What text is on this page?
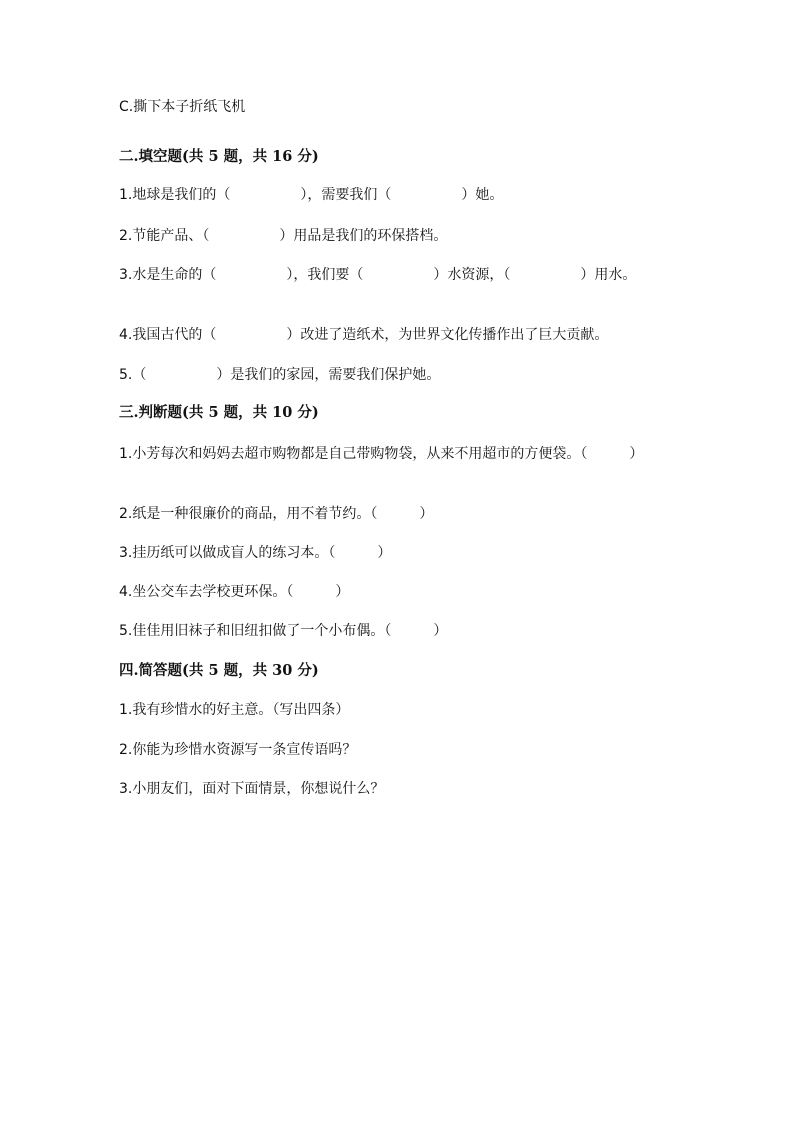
C.撕下本子折纸飞机
二.填空题(共 5 题，共 16 分)
1.地球是我们的（　　　　　），需要我们（　　　　　）她。
2.节能产品、（　　　　　）用品是我们的环保搭档。
3.水是生命的（　　　　　），我们要（　　　　　）水资源，（　　　　　）用水。
4.我国古代的（　　　　　）改进了造纸术，为世界文化传播作出了巨大贡献。
5.（　　　　　）是我们的家园，需要我们保护她。
三.判断题(共 5 题，共 10 分)
1.小芳每次和妈妈去超市购物都是自己带购物袋，从来不用超市的方便袋。（　　　）
2.纸是一种很廉价的商品，用不着节约。（　　　）
3.挂历纸可以做成盲人的练习本。（　　　）
4.坐公交车去学校更环保。（　　　）
5.佳佳用旧袜子和旧纽扣做了一个小布偶。（　　　）
四.简答题(共 5 题，共 30 分)
1.我有珍惜水的好主意。（写出四条）
2.你能为珍惜水资源写一条宣传语吗？
3.小朋友们，面对下面情景，你想说什么？
